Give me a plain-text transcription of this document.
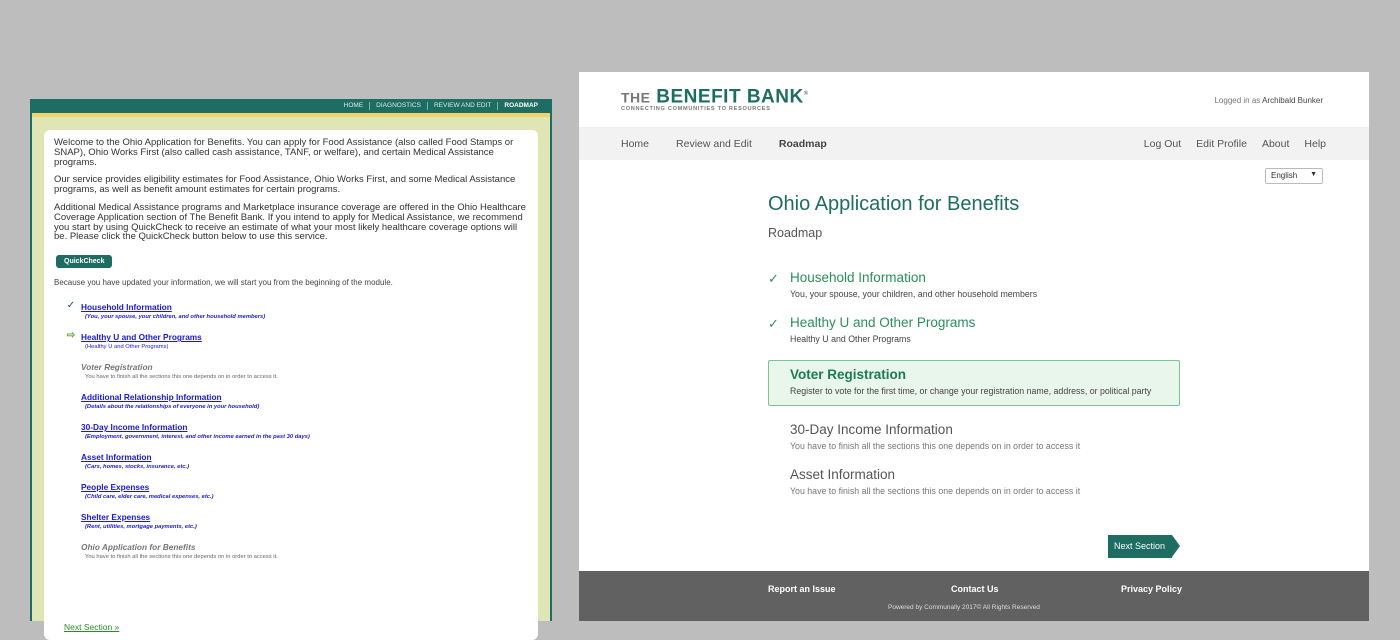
HOME	DIAGNOSTICS	REVIEW AND EDIT	ROADMAP

Welcome to the Ohio Application for Benefits. You can apply for Food Assistance (also called Food Stamps or SNAP), Ohio Works First (also called cash assistance, TANF, or welfare), and certain Medical Assistance programs.

Our service provides eligibility estimates for Food Assistance, Ohio Works First, and some Medical Assistance programs, as well as benefit amount estimates for certain programs.

Additional Medical Assistance programs and Marketplace insurance coverage are offered in the Ohio Healthcare Coverage Application section of The Benefit Bank. If you intend to apply for Medical Assistance, we recommend you start by using QuickCheck to receive an estimate of what your most likely healthcare coverage options will be. Please click the QuickCheck button below to use this service.

QuickCheck
Because you have updated your information, we will start you from the beginning of the module.
✓ Household Information
(You, your spouse, your children, and other household members)
⇨ Healthy U and Other Programs
(Healthy U and Other Programs)
Voter Registration
You have to finish all the sections this one depends on in order to access it.
Additional Relationship Information
(Details about the relationships of everyone in your household)
30-Day Income Information
(Employment, government, interest, and other income earned in the past 30 days)
Asset Information
(Cars, homes, stocks, insurance, etc.)
People Expenses
(Child care, elder care, medical expenses, etc.)
Shelter Expenses
(Rent, utilities, mortgage payments, etc.)
Ohio Application for Benefits
You have to finish all the sections this one depends on in order to access it.
Next Section »
THE BENEFIT BANK®
CONNECTING COMMUNITIES TO RESOURCES
Logged in as Archibald Bunker
Home	Review and Edit	Roadmap	Log Out Edit Profile About Help
English ▼
Ohio Application for Benefits
Roadmap
✓ Household Information
You, your spouse, your children, and other household members
✓ Healthy U and Other Programs
Healthy U and Other Programs
Voter Registration
Register to vote for the first time, or change your registration name, address, or political party
30-Day Income Information
You have to finish all the sections this one depends on in order to access it
Asset Information
You have to finish all the sections this one depends on in order to access it
Next Section
Report an Issue	Contact Us	Privacy Policy
Powered by Communally 2017© All Rights Reserved
